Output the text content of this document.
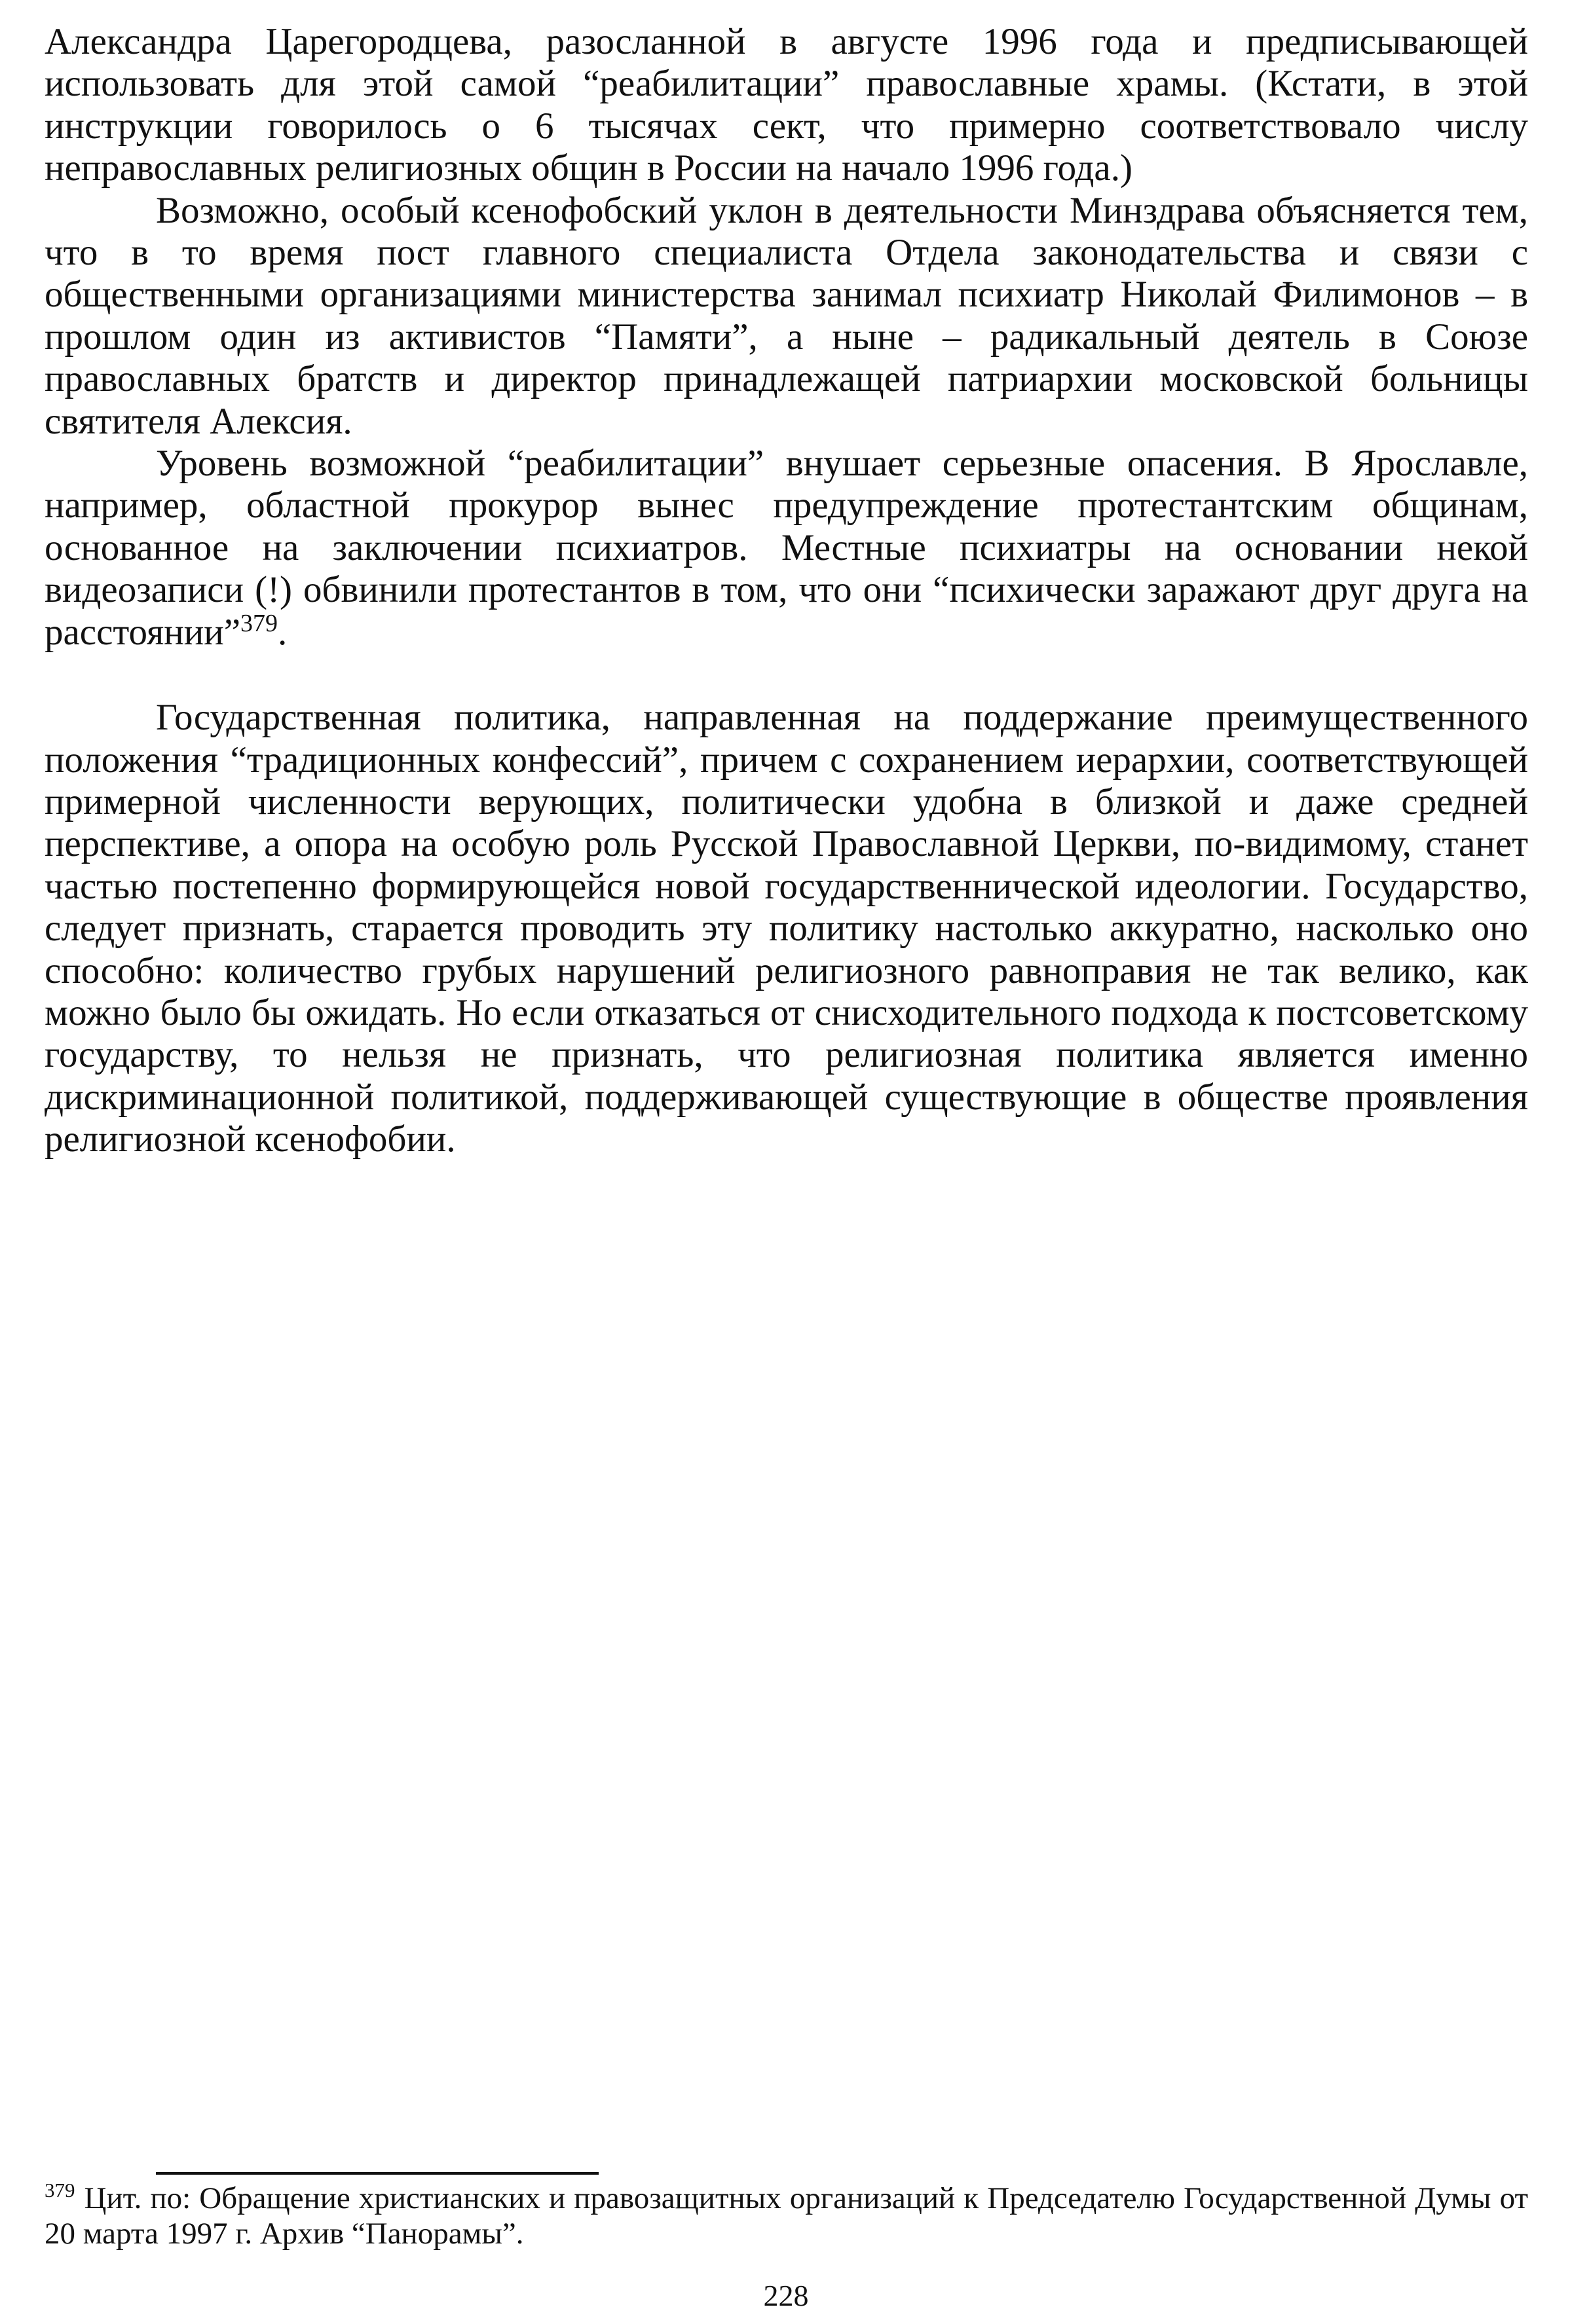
Александра Царегородцева, разосланной в августе 1996 года и предписывающей использовать для этой самой “реабилитации” православные храмы. (Кстати, в этой инструкции говорилось о 6 тысячах сект, что примерно соответствовало числу неправославных религиозных общин в России на начало 1996 года.)

Возможно, особый ксенофобский уклон в деятельности Минздрава объясняется тем, что в то время пост главного специалиста Отдела законодательства и связи с общественными организациями министерства занимал психиатр Николай Филимонов – в прошлом один из активистов “Памяти”, а ныне – радикальный деятель в Союзе православных братств и директор принадлежащей патриархии московской больницы святителя Алексия.

Уровень возможной “реабилитации” внушает серьезные опасения. В Ярославле, например, областной прокурор вынес предупреждение протестантским общинам, основанное на заключении психиатров. Местные психиатры на основании некой видеозаписи (!) обвинили протестантов в том, что они “психически заражают друг друга на расстоянии”$^{379}$.

Государственная политика, направленная на поддержание преимущественного положения “традиционных конфессий”, причем с сохранением иерархии, соответствующей примерной численности верующих, политически удобна в близкой и даже средней перспективе, а опора на особую роль Русской Православной Церкви, по-видимому, станет частью постепенно формирующейся новой государственнической идеологии. Государство, следует признать, старается проводить эту политику настолько аккуратно, насколько оно способно: количество грубых нарушений религиозного равноправия не так велико, как можно было бы ожидать. Но если отказаться от снисходительного подхода к постсоветскому государству, то нельзя не признать, что религиозная политика является именно дискриминационной политикой, поддерживающей существующие в обществе проявления религиозной ксенофобии.

$^{379}$ Цит. по: Обращение христианских и правозащитных организаций к Председателю Государственной Думы от 20 марта 1997 г. Архив “Панорамы”.

228
